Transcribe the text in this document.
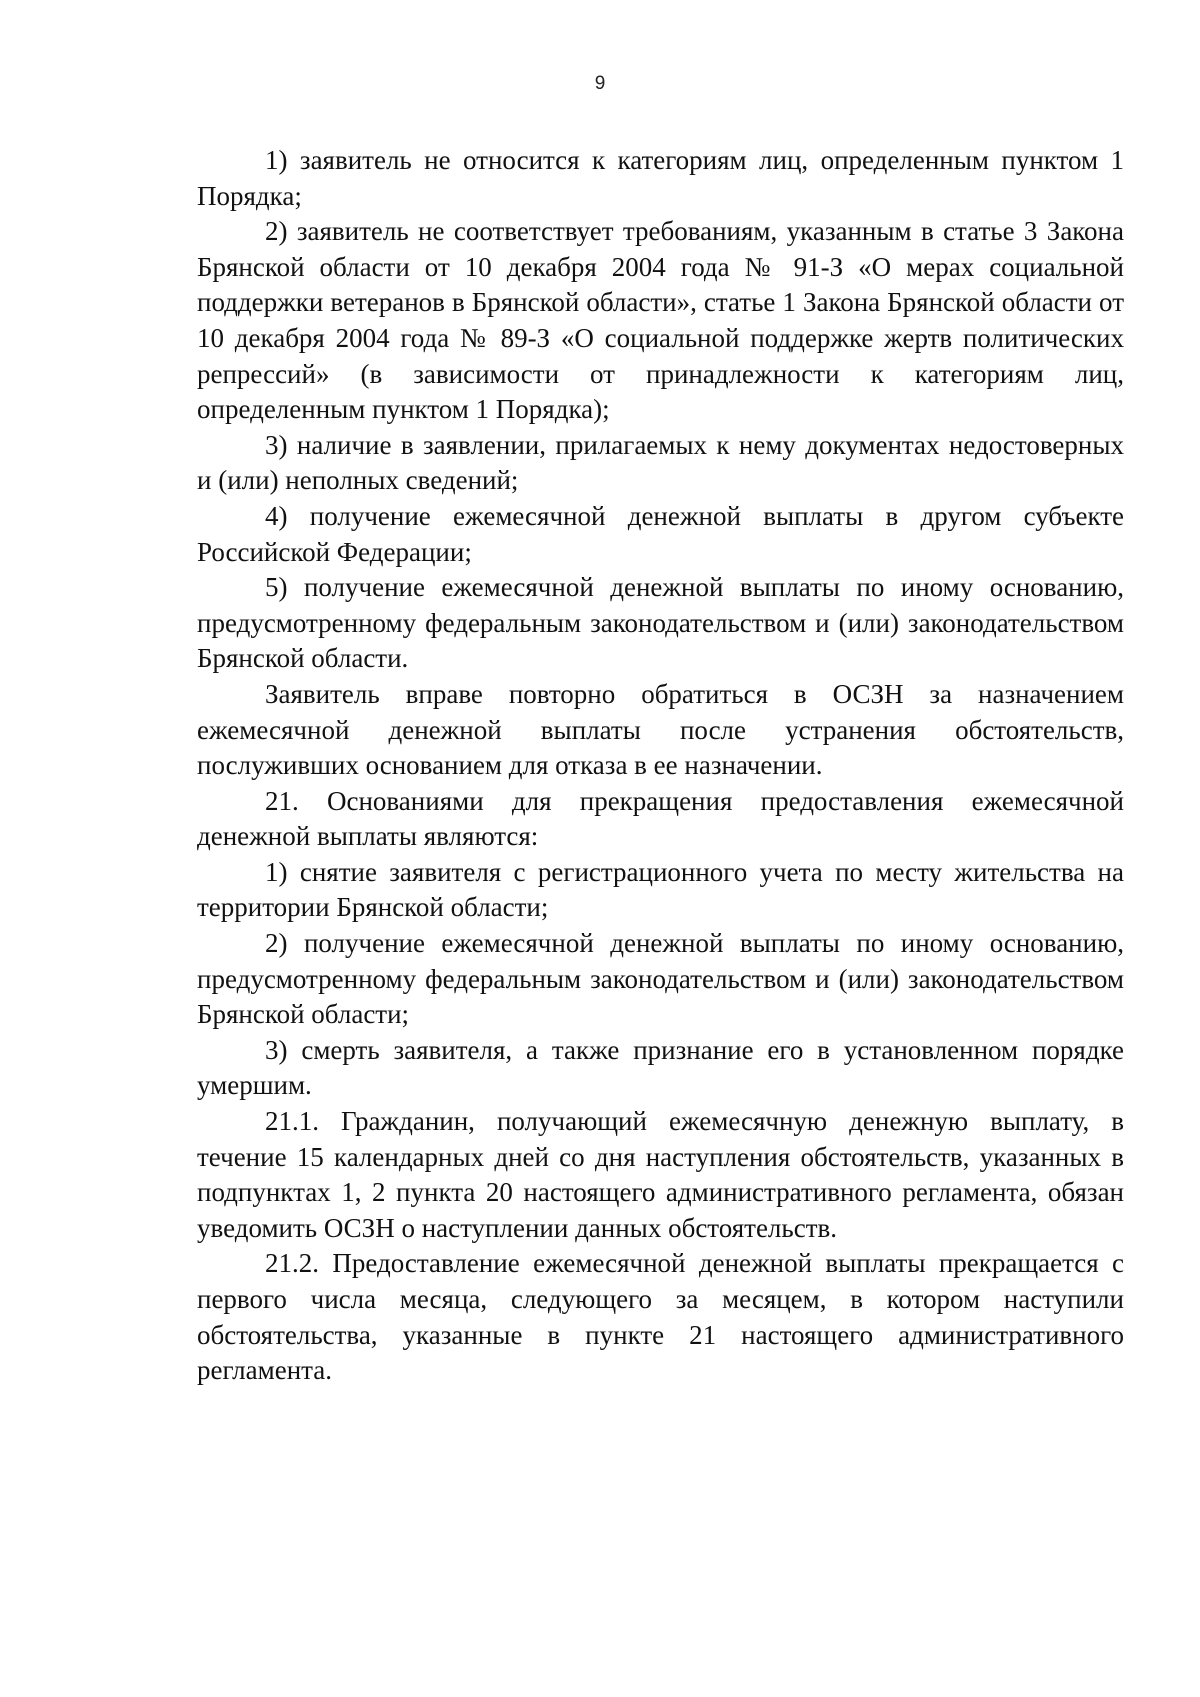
9

1) заявитель не относится к категориям лиц, определенным пунктом 1 Порядка;

2) заявитель не соответствует требованиям, указанным в статье 3 Закона Брянской области от 10 декабря 2004 года № 91-З «О мерах социальной поддержки ветеранов в Брянской области», статье 1 Закона Брянской области от 10 декабря 2004 года № 89-З «О социальной поддержке жертв политических репрессий» (в зависимости от принадлежности к категориям лиц, определенным пунктом 1 Порядка);

3) наличие в заявлении, прилагаемых к нему документах недостоверных и (или) неполных сведений;

4) получение ежемесячной денежной выплаты в другом субъекте Российской Федерации;

5) получение ежемесячной денежной выплаты по иному основанию, предусмотренному федеральным законодательством и (или) законодательством Брянской области.

Заявитель вправе повторно обратиться в ОСЗН за назначением ежемесячной денежной выплаты после устранения обстоятельств, послуживших основанием для отказа в ее назначении.

21. Основаниями для прекращения предоставления ежемесячной денежной выплаты являются:

1) снятие заявителя с регистрационного учета по месту жительства на территории Брянской области;

2) получение ежемесячной денежной выплаты по иному основанию, предусмотренному федеральным законодательством и (или) законодательством Брянской области;

3) смерть заявителя, а также признание его в установленном порядке умершим.

21.1. Гражданин, получающий ежемесячную денежную выплату, в течение 15 календарных дней со дня наступления обстоятельств, указанных в подпунктах 1, 2 пункта 20 настоящего административного регламента, обязан уведомить ОСЗН о наступлении данных обстоятельств.

21.2. Предоставление ежемесячной денежной выплаты прекращается с первого числа месяца, следующего за месяцем, в котором наступили обстоятельства, указанные в пункте 21 настоящего административного регламента.
